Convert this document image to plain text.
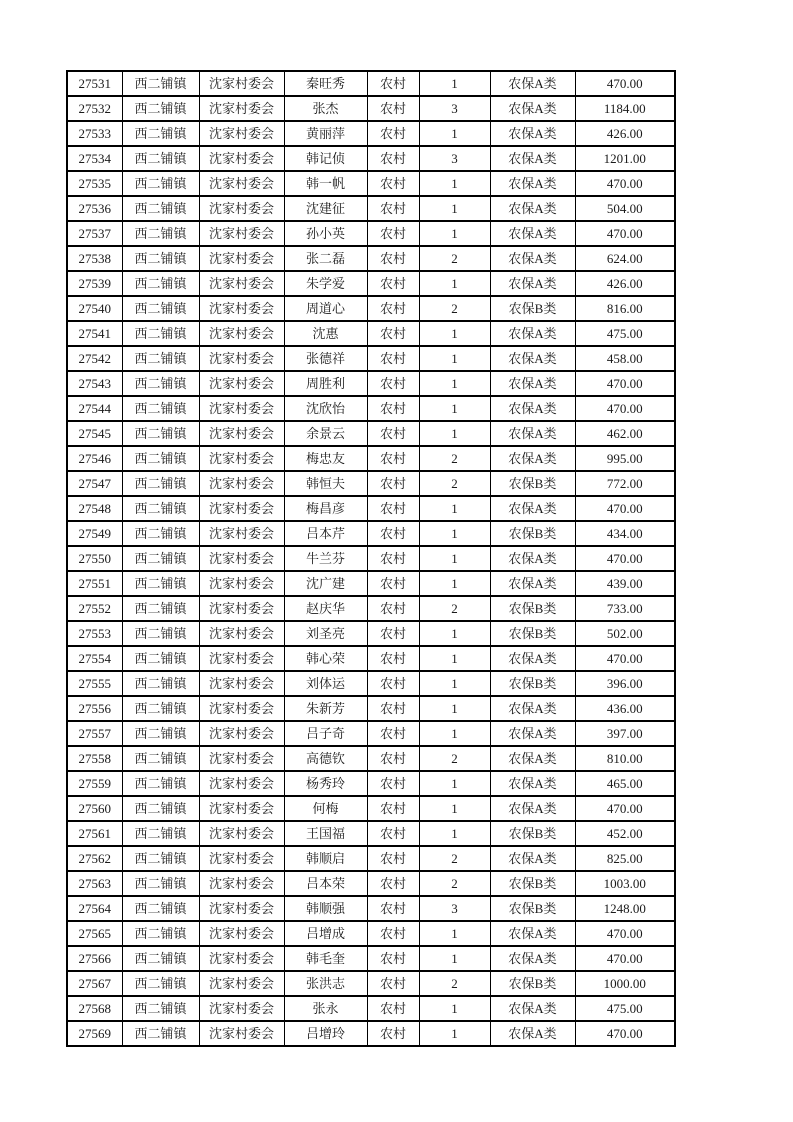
27531	西二铺镇	沈家村委会	秦旺秀	农村	1	农保A类	470.00
27532	西二铺镇	沈家村委会	张杰	农村	3	农保A类	1184.00
27533	西二铺镇	沈家村委会	黄丽萍	农村	1	农保A类	426.00
27534	西二铺镇	沈家村委会	韩记侦	农村	3	农保A类	1201.00
27535	西二铺镇	沈家村委会	韩一帆	农村	1	农保A类	470.00
27536	西二铺镇	沈家村委会	沈建征	农村	1	农保A类	504.00
27537	西二铺镇	沈家村委会	孙小英	农村	1	农保A类	470.00
27538	西二铺镇	沈家村委会	张二磊	农村	2	农保A类	624.00
27539	西二铺镇	沈家村委会	朱学爱	农村	1	农保A类	426.00
27540	西二铺镇	沈家村委会	周道心	农村	2	农保B类	816.00
27541	西二铺镇	沈家村委会	沈惠	农村	1	农保A类	475.00
27542	西二铺镇	沈家村委会	张德祥	农村	1	农保A类	458.00
27543	西二铺镇	沈家村委会	周胜利	农村	1	农保A类	470.00
27544	西二铺镇	沈家村委会	沈欣怡	农村	1	农保A类	470.00
27545	西二铺镇	沈家村委会	余景云	农村	1	农保A类	462.00
27546	西二铺镇	沈家村委会	梅忠友	农村	2	农保A类	995.00
27547	西二铺镇	沈家村委会	韩恒夫	农村	2	农保B类	772.00
27548	西二铺镇	沈家村委会	梅昌彦	农村	1	农保A类	470.00
27549	西二铺镇	沈家村委会	吕本芹	农村	1	农保B类	434.00
27550	西二铺镇	沈家村委会	牛兰芬	农村	1	农保A类	470.00
27551	西二铺镇	沈家村委会	沈广建	农村	1	农保A类	439.00
27552	西二铺镇	沈家村委会	赵庆华	农村	2	农保B类	733.00
27553	西二铺镇	沈家村委会	刘圣亮	农村	1	农保B类	502.00
27554	西二铺镇	沈家村委会	韩心荣	农村	1	农保A类	470.00
27555	西二铺镇	沈家村委会	刘体运	农村	1	农保B类	396.00
27556	西二铺镇	沈家村委会	朱新芳	农村	1	农保A类	436.00
27557	西二铺镇	沈家村委会	吕子奇	农村	1	农保A类	397.00
27558	西二铺镇	沈家村委会	高德钦	农村	2	农保A类	810.00
27559	西二铺镇	沈家村委会	杨秀玲	农村	1	农保A类	465.00
27560	西二铺镇	沈家村委会	何梅	农村	1	农保A类	470.00
27561	西二铺镇	沈家村委会	王国福	农村	1	农保B类	452.00
27562	西二铺镇	沈家村委会	韩顺启	农村	2	农保A类	825.00
27563	西二铺镇	沈家村委会	吕本荣	农村	2	农保B类	1003.00
27564	西二铺镇	沈家村委会	韩顺强	农村	3	农保B类	1248.00
27565	西二铺镇	沈家村委会	吕增成	农村	1	农保A类	470.00
27566	西二铺镇	沈家村委会	韩毛奎	农村	1	农保A类	470.00
27567	西二铺镇	沈家村委会	张洪志	农村	2	农保B类	1000.00
27568	西二铺镇	沈家村委会	张永	农村	1	农保A类	475.00
27569	西二铺镇	沈家村委会	吕增玲	农村	1	农保A类	470.00
